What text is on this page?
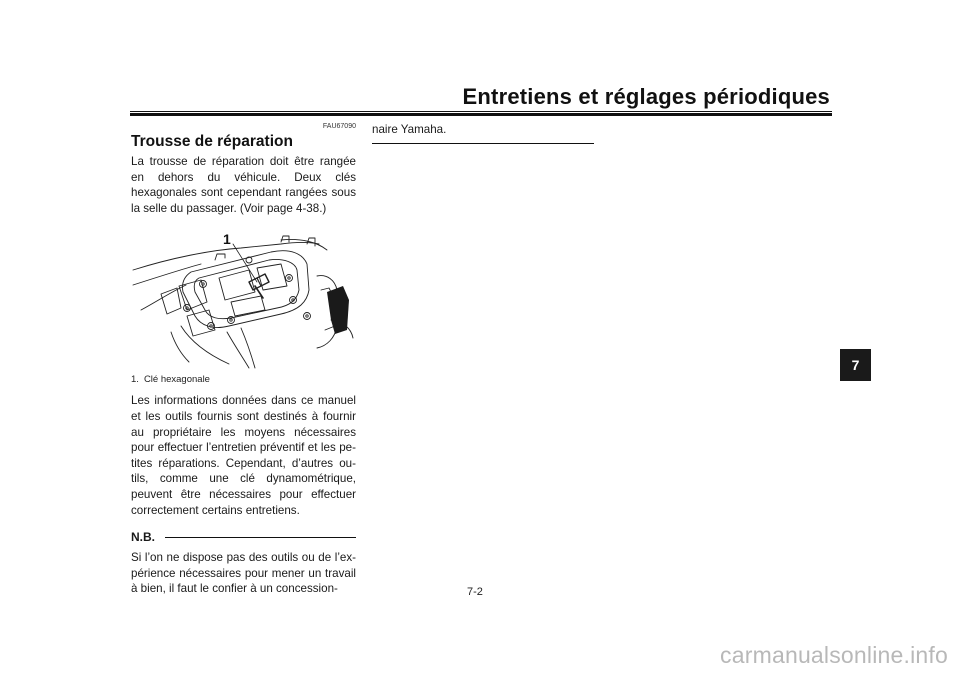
Entretiens et réglages périodiques
7
FAU67090
Trousse de réparation

La trousse de réparation doit être rangée en dehors du véhicule. Deux clés hexagonales sont cependant rangées sous la selle du passager. (Voir page 4-38.)

1
1. Clé hexagonale

Les informations données dans ce manuel et les outils fournis sont destinés à fournir au propriétaire les moyens nécessaires pour effectuer l’entretien préventif et les pe- tites réparations. Cependant, d’autres ou- tils, comme une clé dynamométrique, peuvent être nécessaires pour effectuer correctement certains entretiens.

N.B.

Si l’on ne dispose pas des outils ou de l’ex- périence nécessaires pour mener un travail à bien, il faut le confier à un concession-

naire Yamaha.

7-2
carmanualsonline.info
